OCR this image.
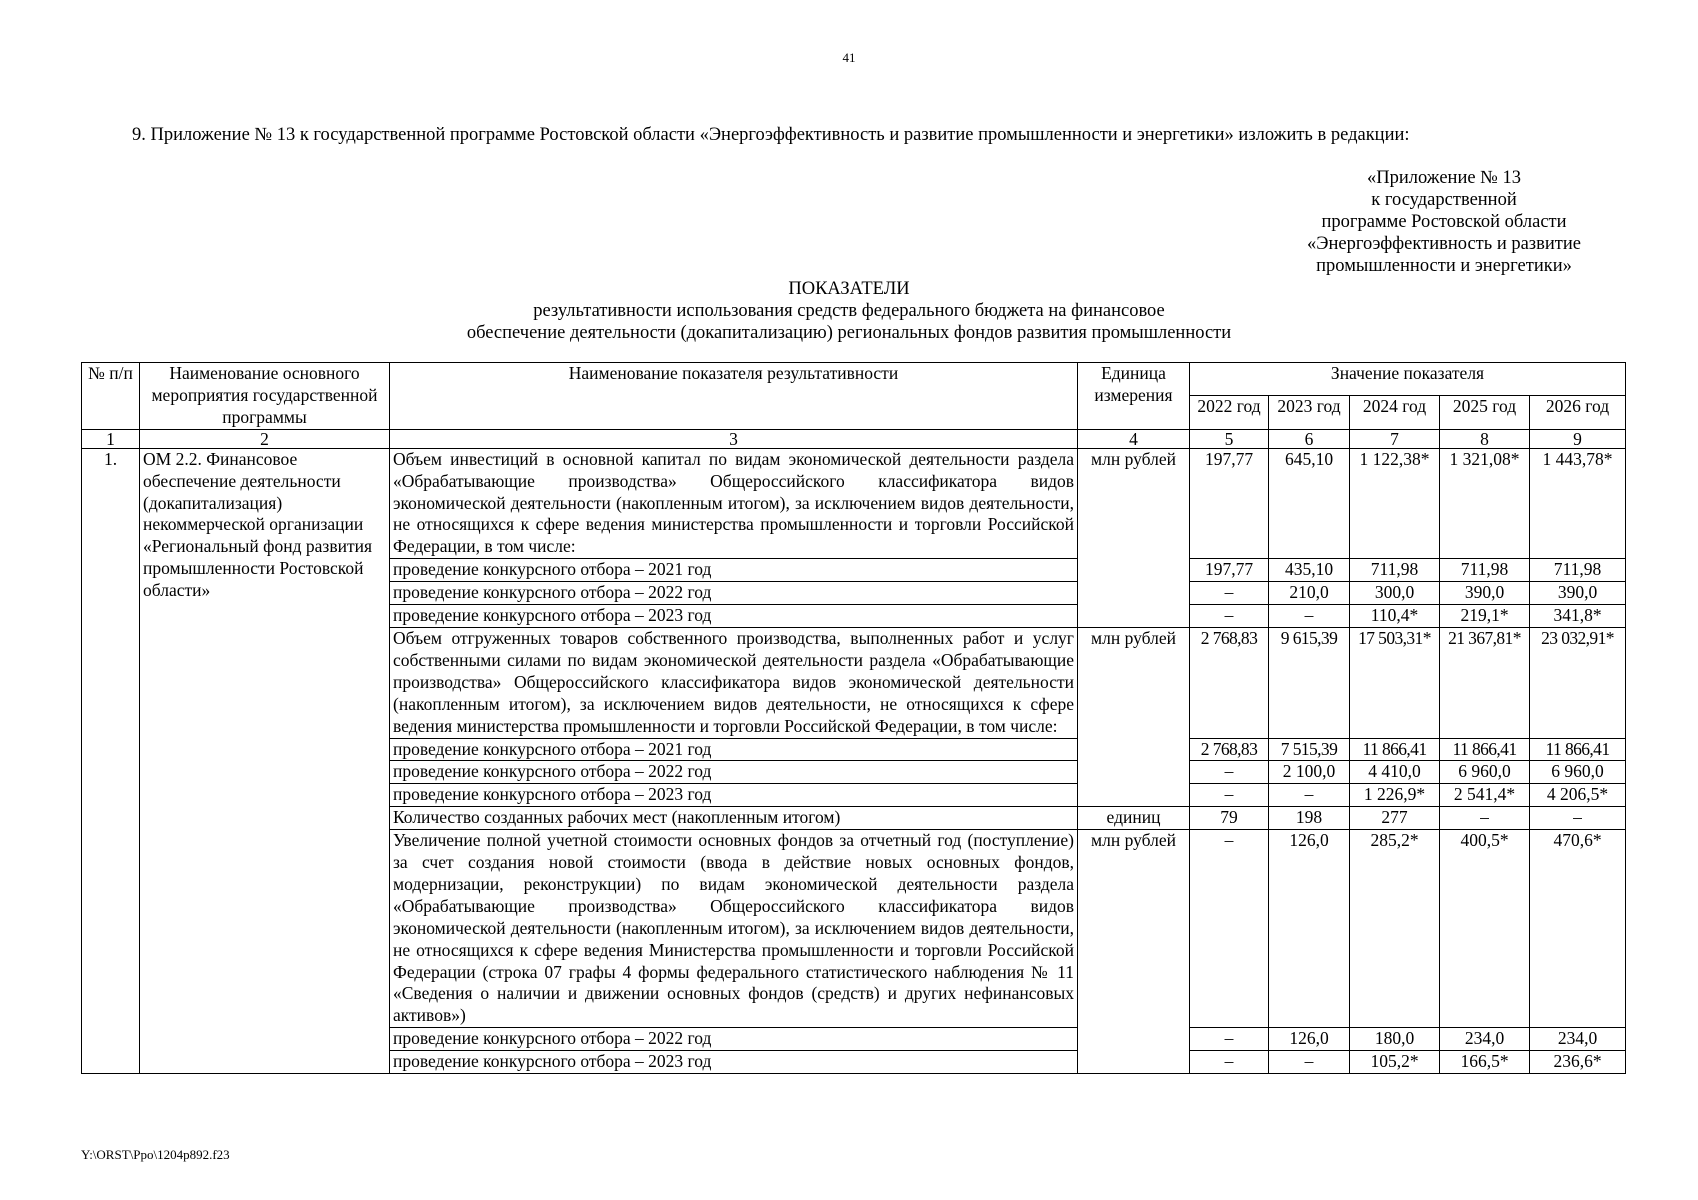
41
9. Приложение № 13 к государственной программе Ростовской области «Энергоэффективность и развитие промышленности и энергетики» изложить в редакции:
«Приложение № 13
к государственной
программе Ростовской области
«Энергоэффективность и развитие
промышленности и энергетики»
ПОКАЗАТЕЛИ
результативности использования средств федерального бюджета на финансовое
обеспечение деятельности (докапитализацию) региональных фондов развития промышленности
№ п/п	Наименование основного мероприятия государственной программы	Наименование показателя результативности	Единица измерения	Значение показателя				
				2022 год	2023 год	2024 год	2025 год	2026 год
1	2	3	4	5	6	7	8	9
1.	ОМ 2.2. Финансовое обеспечение деятельности (докапитализация) некоммерческой организации «Региональный фонд развития промышленности Ростовской области»	Объем инвестиций в основной капитал по видам экономической деятельности раздела «Обрабатывающие производства» Общероссийского классификатора видов экономической деятельности (накопленным итогом), за исключением видов деятельности, не относящихся к сфере ведения министерства промышленности и торговли Российской Федерации, в том числе:	млн рублей	197,77	645,10	1 122,38*	1 321,08*	1 443,78*
		проведение конкурсного отбора – 2021 год		197,77	435,10	711,98	711,98	711,98
		проведение конкурсного отбора – 2022 год		–	210,0	300,0	390,0	390,0
		проведение конкурсного отбора – 2023 год		–	–	110,4*	219,1*	341,8*
		Объем отгруженных товаров собственного производства, выполненных работ и услуг собственными силами по видам экономической деятельности раздела «Обрабатывающие производства» Общероссийского классификатора видов экономической деятельности (накопленным итогом), за исключением видов деятельности, не относящихся к сфере ведения министерства промышленности и торговли Российской Федерации, в том числе:	млн рублей	2 768,83	9 615,39	17 503,31*	21 367,81*	23 032,91*
		проведение конкурсного отбора – 2021 год		2 768,83	7 515,39	11 866,41	11 866,41	11 866,41
		проведение конкурсного отбора – 2022 год		–	2 100,0	4 410,0	6 960,0	6 960,0
		проведение конкурсного отбора – 2023 год		–	–	1 226,9*	2 541,4*	4 206,5*
		Количество созданных рабочих мест (накопленным итогом)	единиц	79	198	277	–	–
		Увеличение полной учетной стоимости основных фондов за отчетный год (поступление) за счет создания новой стоимости (ввода в действие новых основных фондов, модернизации, реконструкции) по видам экономической деятельности раздела «Обрабатывающие производства» Общероссийского классификатора видов экономической деятельности (накопленным итогом), за исключением видов деятельности, не относящихся к сфере ведения Министерства промышленности и торговли Российской Федерации (строка 07 графы 4 формы федерального статистического наблюдения № 11 «Сведения о наличии и движении основных фондов (средств) и других нефинансовых активов»)	млн рублей	–	126,0	285,2*	400,5*	470,6*
		проведение конкурсного отбора – 2022 год		–	126,0	180,0	234,0	234,0
		проведение конкурсного отбора – 2023 год		–	–	105,2*	166,5*	236,6*
Y:\ORST\Ppo\1204p892.f23
